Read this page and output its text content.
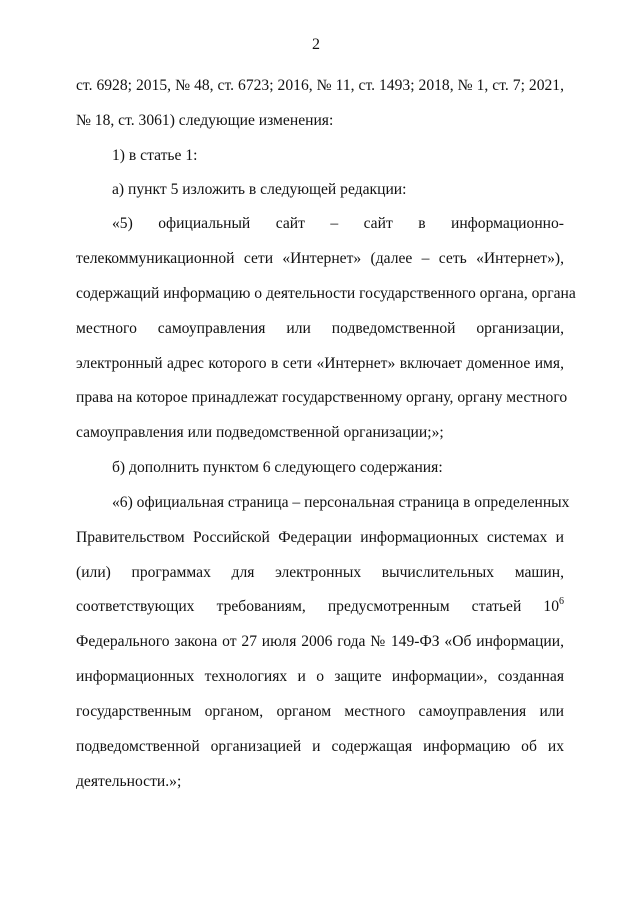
2
ст. 6928; 2015, № 48, ст. 6723; 2016, № 11, ст. 1493; 2018, № 1, ст. 7; 2021,
№ 18, ст. 3061) следующие изменения:
1) в статье 1:
а) пункт 5 изложить в следующей редакции:
«5) официальный сайт – сайт в информационно-
телекоммуникационной сети «Интернет» (далее – сеть «Интернет»),
содержащий информацию о деятельности государственного органа, органа
местного самоуправления или подведомственной организации,
электронный адрес которого в сети «Интернет» включает доменное имя,
права на которое принадлежат государственному органу, органу местного
самоуправления или подведомственной организации;»;
б) дополнить пунктом 6 следующего содержания:
«6) официальная страница – персональная страница в определенных
Правительством Российской Федерации информационных системах и
(или) программах для электронных вычислительных машин,
соответствующих требованиям, предусмотренным статьей $10^6$
Федерального закона от 27 июля 2006 года № 149-ФЗ «Об информации,
информационных технологиях и о защите информации», созданная
государственным органом, органом местного самоуправления или
подведомственной организацией и содержащая информацию об их
деятельности.»;
